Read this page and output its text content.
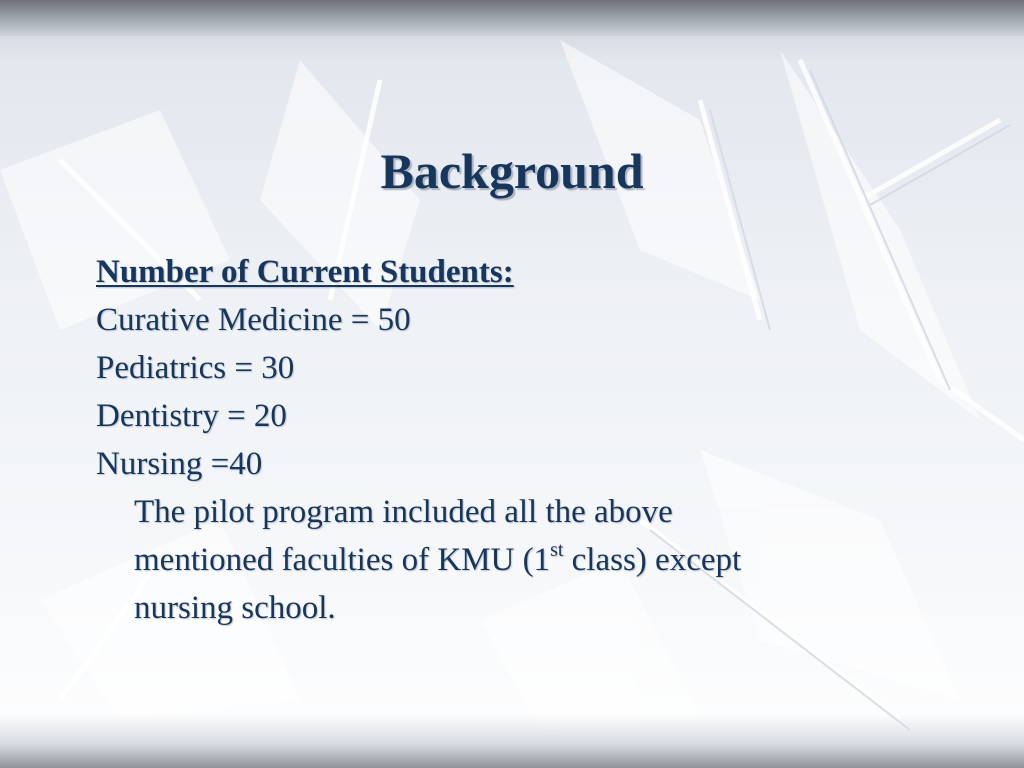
Background
Number of Current Students:
Curative Medicine = 50
Pediatrics = 30
Dentistry = 20
Nursing =40
The pilot program included all the above
mentioned faculties of KMU (1st class) except
nursing school.
